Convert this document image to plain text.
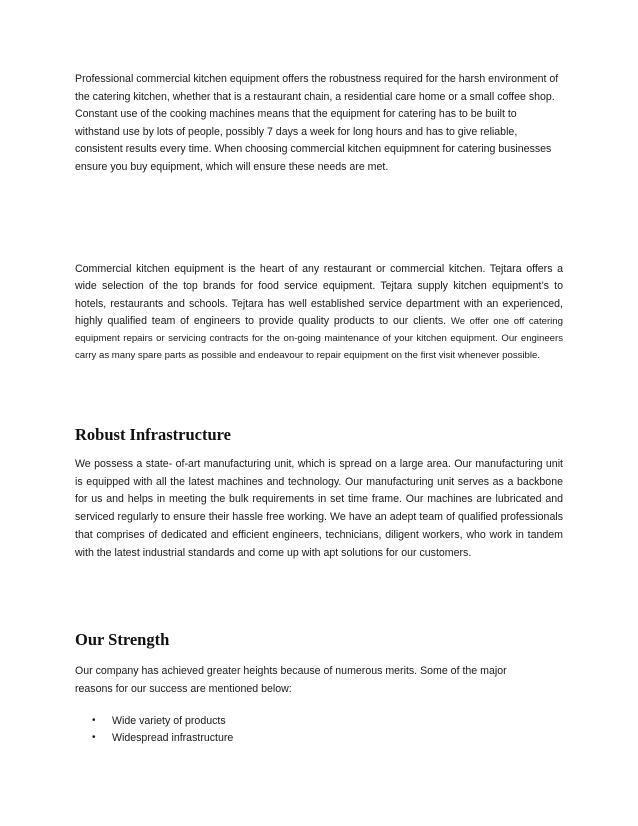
Professional commercial kitchen equipment offers the robustness required for the harsh environment of the catering kitchen, whether that is a restaurant chain, a residential care home or a small coffee shop. Constant use of the cooking machines means that the equipment for catering has to be built to withstand use by lots of people, possibly 7 days a week for long hours and has to give reliable, consistent results every time. When choosing commercial kitchen equipmnent for catering businesses ensure you buy equipment, which will ensure these needs are met.

Commercial kitchen equipment is the heart of any restaurant or commercial kitchen. Tejtara offers a wide selection of the top brands for food service equipment. Tejtara supply kitchen equipment’s to hotels, restaurants and schools. Tejtara has well established service department with an experienced, highly qualified team of engineers to provide quality products to our clients. We offer one off catering equipment repairs or servicing contracts for the on-going maintenance of your kitchen equipment. Our engineers carry as many spare parts as possible and endeavour to repair equipment on the first visit whenever possible.

Robust Infrastructure

We possess a state- of-art manufacturing unit, which is spread on a large area. Our manufacturing unit is equipped with all the latest machines and technology. Our manufacturing unit serves as a backbone for us and helps in meeting the bulk requirements in set time frame. Our machines are lubricated and serviced regularly to ensure their hassle free working. We have an adept team of qualified professionals that comprises of dedicated and efficient engineers, technicians, diligent workers, who work in tandem with the latest industrial standards and come up with apt solutions for our customers.

Our Strength

Our company has achieved greater heights because of numerous merits. Some of the major reasons for our success are mentioned below:

• Wide variety of products
• Widespread infrastructure
